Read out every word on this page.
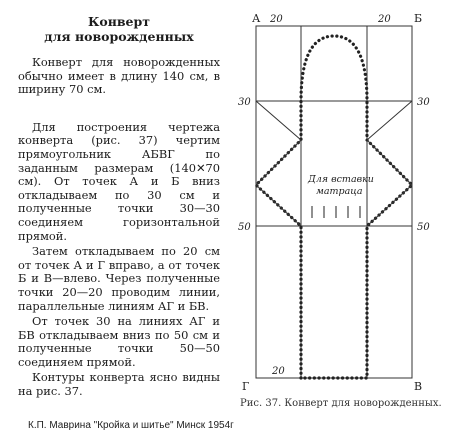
Конверт
для новорожденных

Конверт для новорожденных обычно имеет в длину 140 см, в ширину 70 см.

Для построения чертежа конверта (рис. 37) чертим прямоугольник АБВГ по заданным размерам (140✕70 см). От точек А и Б вниз откладываем по 30 см и полученные точки 30—30 соединяем горизонтальной прямой.

Затем откладываем по 20 см от точек А и Г вправо, а от точек Б и В—влево. Через полученные точки 20—20 проводим линии, параллельные линиям АГ и БВ.

От точек 30 на линиях АГ и БВ откладываем вниз по 50 см и полученные точки 50—50 соединяем прямой.

Контуры конверта ясно видны на рис. 37.

А	Б
В
Г
20	20
20
30	30
50	50
Для вставки
матраца
Рис. 37. Конверт для новорожденных.
К.П. Маврина "Кройка и шитье" Минск 1954г
